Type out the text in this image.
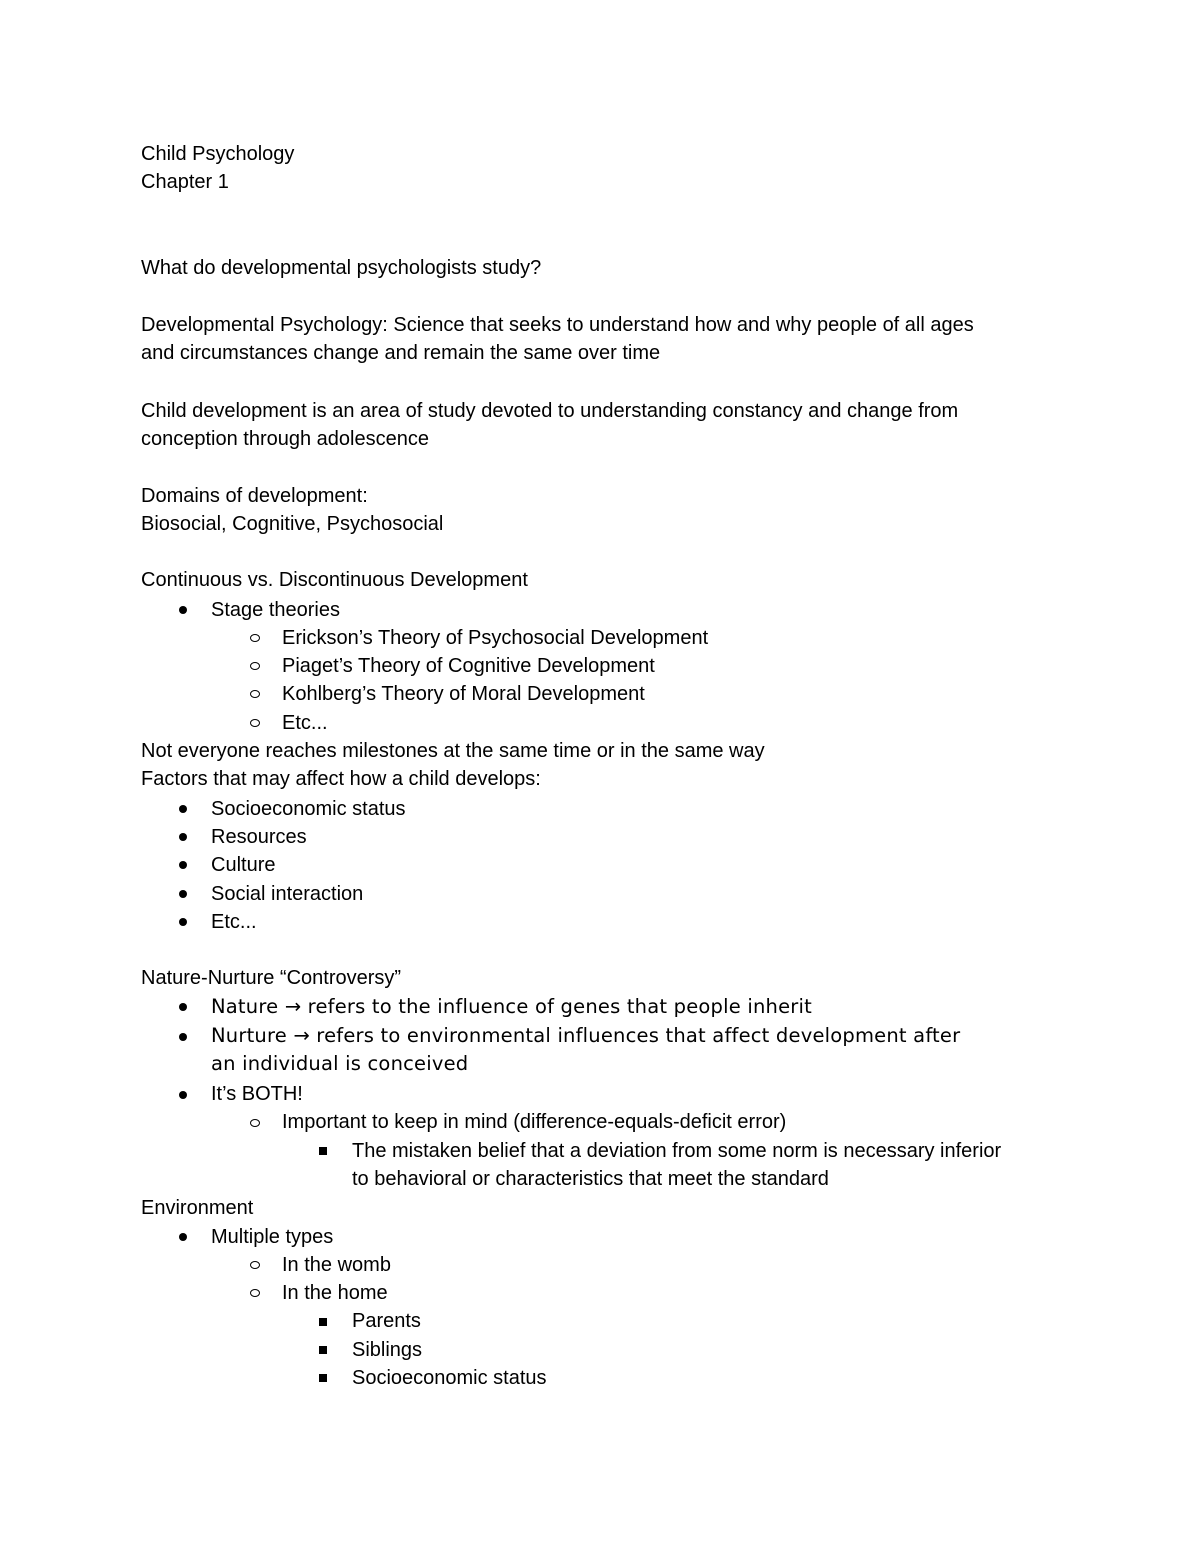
Child Psychology
Chapter 1
What do developmental psychologists study?
Developmental Psychology: Science that seeks to understand how and why people of all ages
and circumstances change and remain the same over time
Child development is an area of study devoted to understanding constancy and change from
conception through adolescence
Domains of development:
Biosocial, Cognitive, Psychosocial
Continuous vs. Discontinuous Development
Stage theories
Erickson’s Theory of Psychosocial Development
Piaget’s Theory of Cognitive Development
Kohlberg’s Theory of Moral Development
Etc...
Not everyone reaches milestones at the same time or in the same way
Factors that may affect how a child develops:
Socioeconomic status
Resources
Culture
Social interaction
Etc...
Nature-Nurture “Controversy”
Nature → refers to the influence of genes that people inherit
Nurture → refers to environmental influences that affect development after
an individual is conceived
It’s BOTH!
Important to keep in mind (difference-equals-deficit error)
The mistaken belief that a deviation from some norm is necessary inferior
to behavioral or characteristics that meet the standard
Environment
Multiple types
In the womb
In the home
Parents
Siblings
Socioeconomic status
